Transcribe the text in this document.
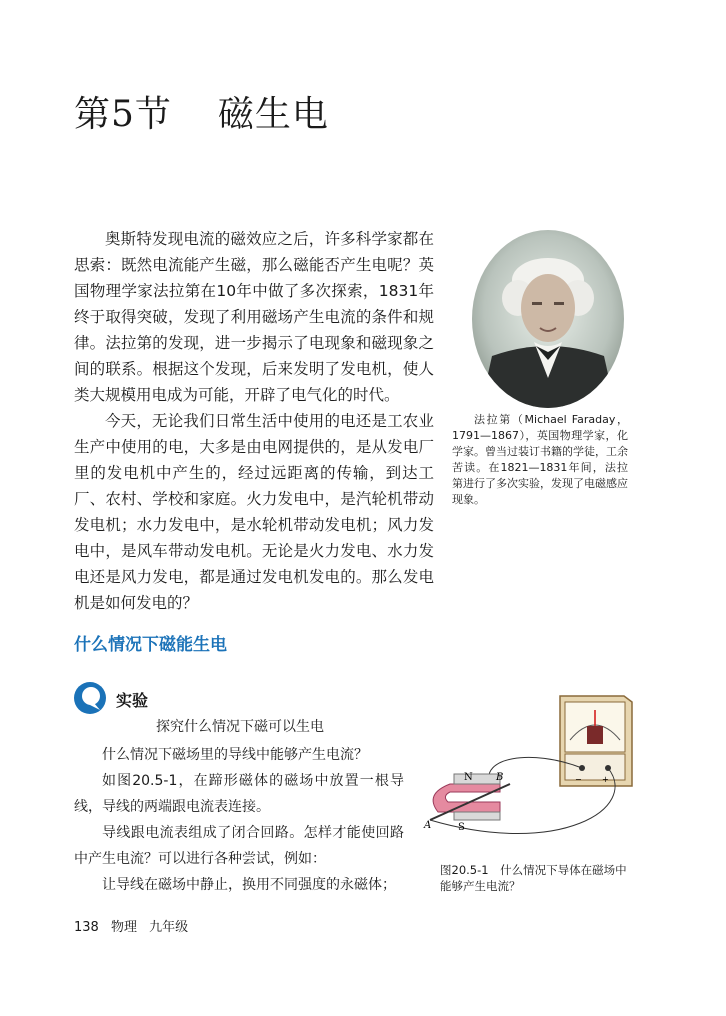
第5节 磁生电

奥斯特发现电流的磁效应之后，许多科学家都在思索：既然电流能产生磁，那么磁能否产生电呢？英国物理学家法拉第在10年中做了多次探索，1831年终于取得突破，发现了利用磁场产生电流的条件和规律。法拉第的发现，进一步揭示了电现象和磁现象之间的联系。根据这个发现，后来发明了发电机，使人类大规模用电成为可能，开辟了电气化的时代。

今天，无论我们日常生活中使用的电还是工农业生产中使用的电，大多是由电网提供的，是从发电厂里的发电机中产生的，经过远距离的传输，到达工厂、农村、学校和家庭。火力发电中，是汽轮机带动发电机；水力发电中，是水轮机带动发电机；风力发电中，是风车带动发电机。无论是火力发电、水力发电还是风力发电，都是通过发电机发电的。那么发电机是如何发电的？

法拉第（Michael Faraday，1791—1867），英国物理学家，化学家。曾当过装订书籍的学徒，工余苦读。在1821—1831年间，法拉第进行了多次实验，发现了电磁感应现象。

什么情况下磁能生电
实验
探究什么情况下磁可以生电

什么情况下磁场里的导线中能够产生电流？

如图20.5-1，在蹄形磁体的磁场中放置一根导线，导线的两端跟电流表连接。

导线跟电流表组成了闭合回路。怎样才能使回路中产生电流？可以进行各种尝试，例如：

让导线在磁场中静止，换用不同强度的永磁体；

−	+
N
S
A
B
图20.5-1　什么情况下导体在磁场中能够产生电流？
138 物理 九年级
